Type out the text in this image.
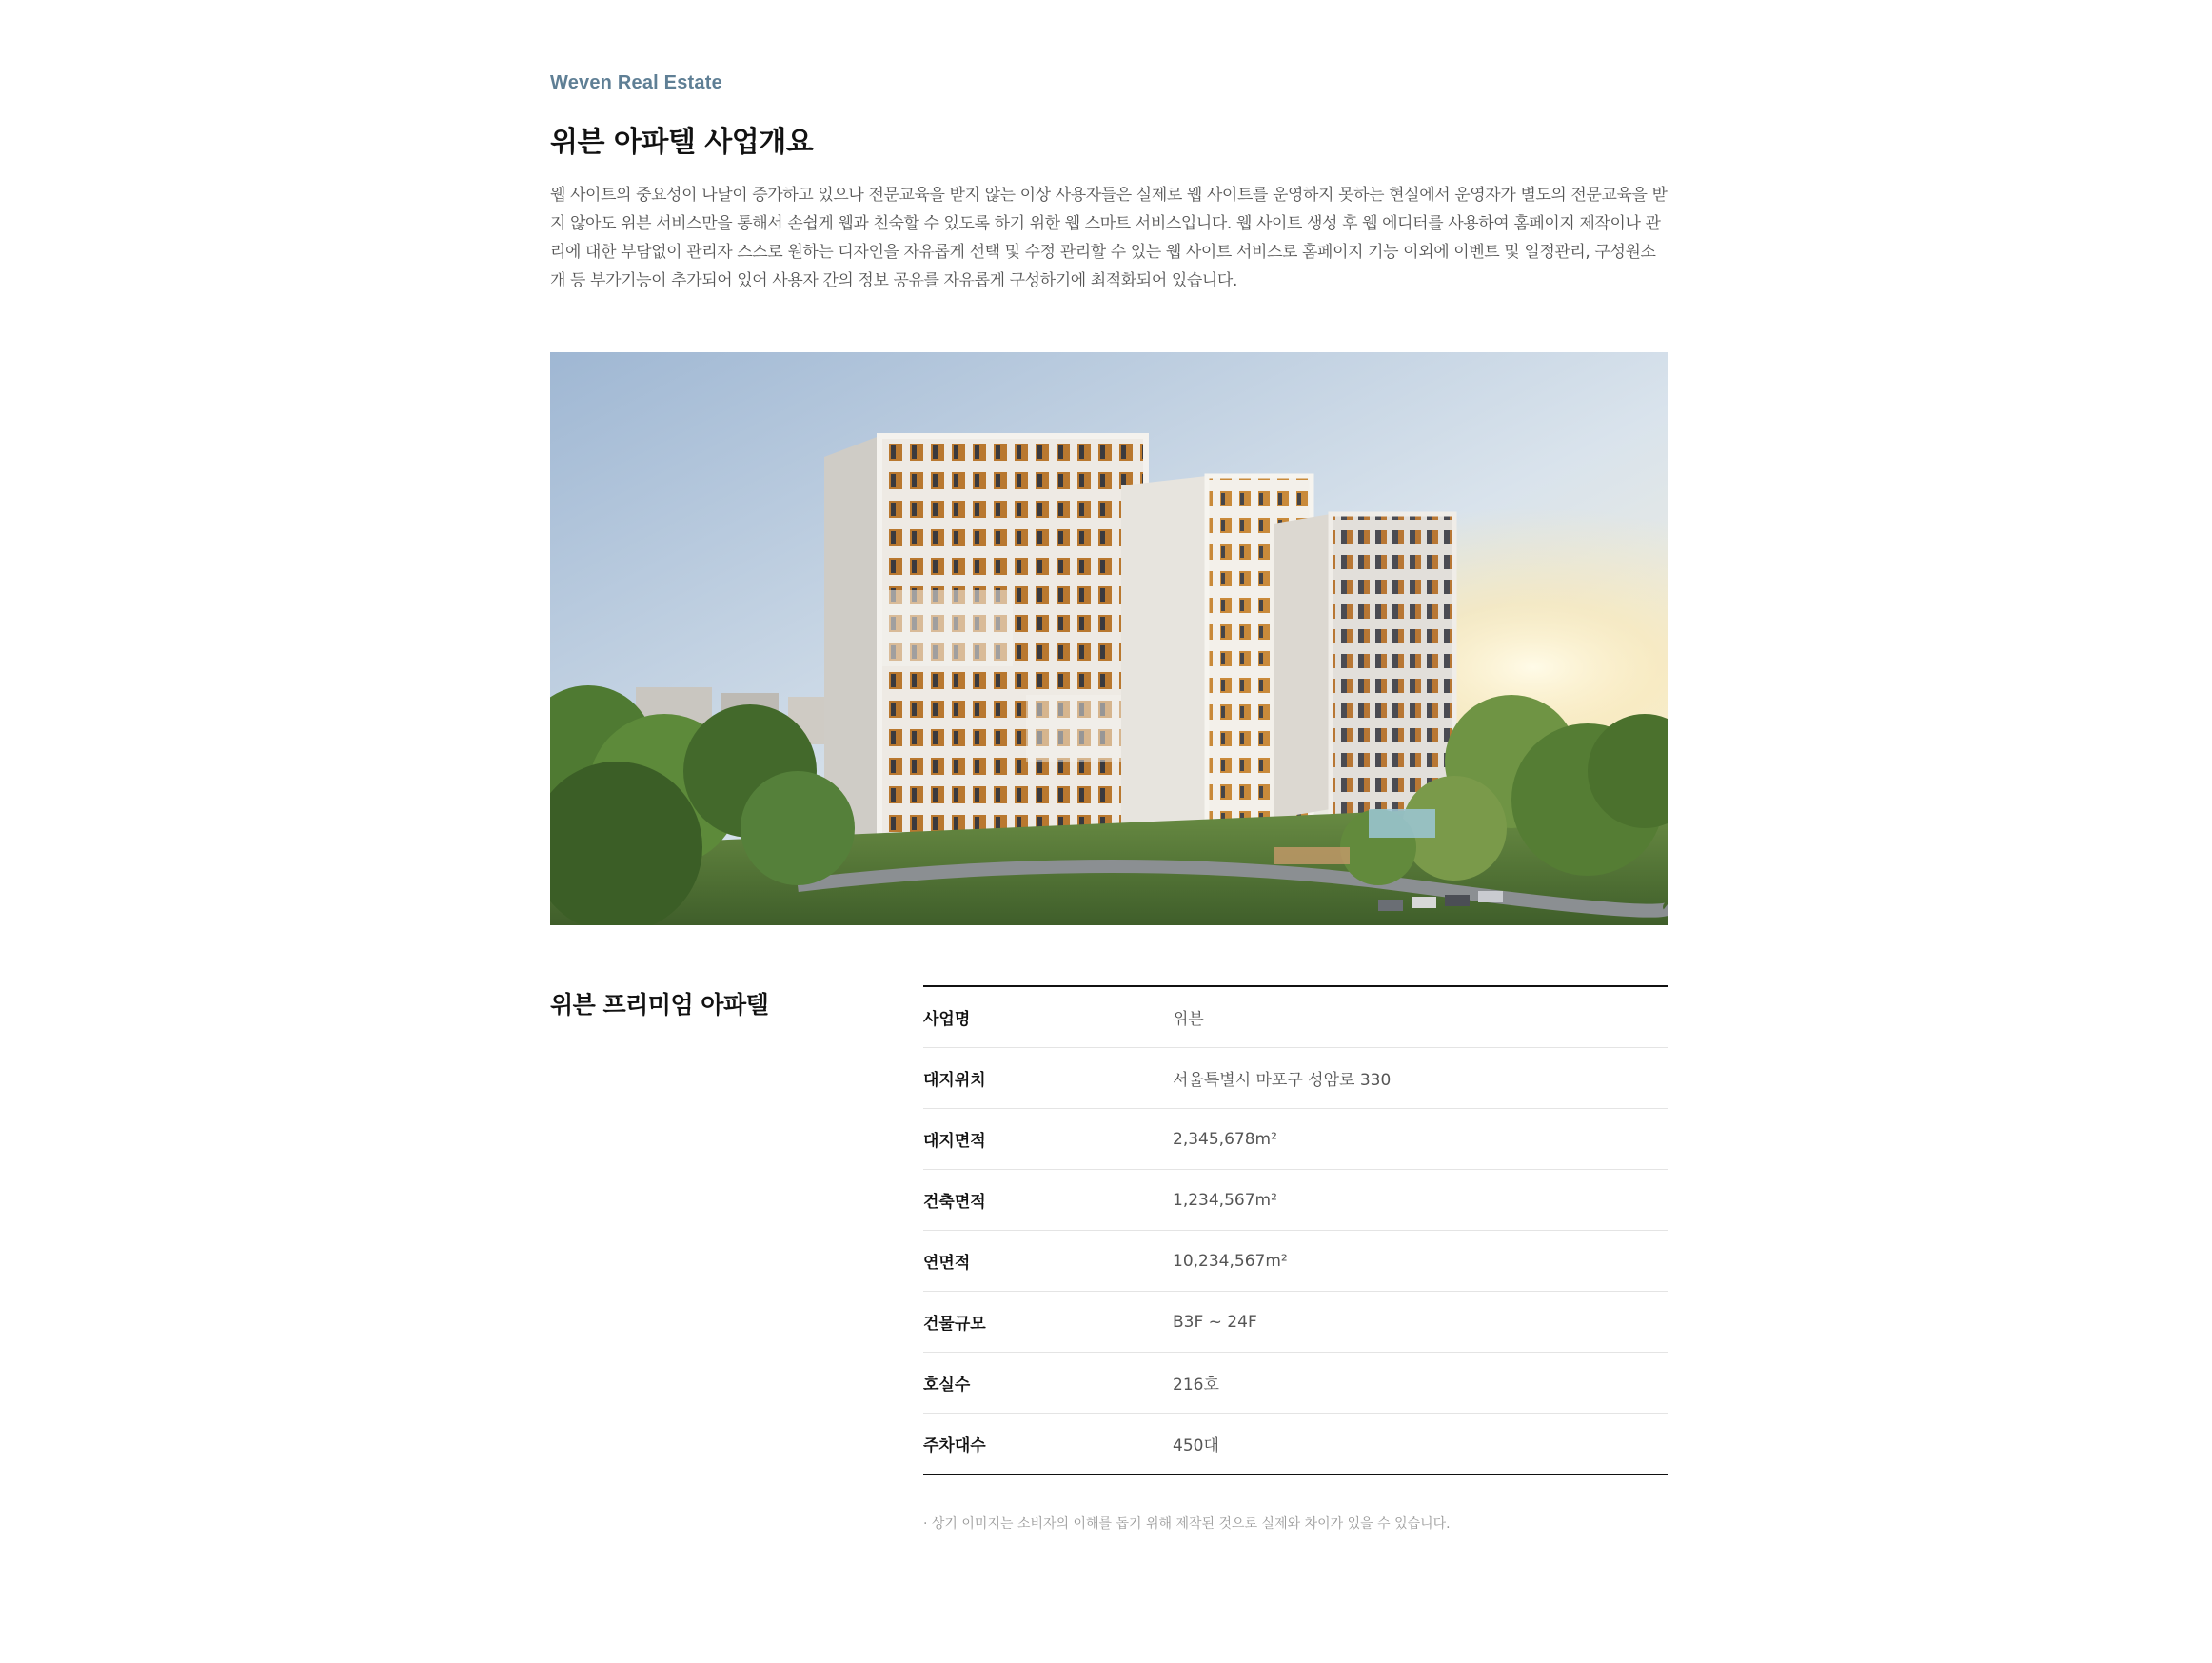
Weven Real Estate
위븐 아파텔 사업개요

웹 사이트의 중요성이 나날이 증가하고 있으나 전문교육을 받지 않는 이상 사용자들은 실제로 웹 사이트를 운영하지 못하는 현실에서 운영자가 별도의 전문교육을 받지 않아도 위븐 서비스만을 통해서 손쉽게 웹과 친숙할 수 있도록 하기 위한 웹 스마트 서비스입니다. 웹 사이트 생성 후 웹 에디터를 사용하여 홈페이지 제작이나 관리에 대한 부담없이 관리자 스스로 원하는 디자인을 자유롭게 선택 및 수정 관리할 수 있는 웹 사이트 서비스로 홈페이지 기능 이외에 이벤트 및 일정관리, 구성원소개 등 부가기능이 추가되어 있어 사용자 간의 정보 공유를 자유롭게 구성하기에 최적화되어 있습니다.

위븐 프리미엄 아파텔
사업명	위븐
대지위치	서울특별시 마포구 성암로 330
대지면적	2,345,678m²
건축면적	1,234,567m²
연면적	10,234,567m²
건물규모	B3F ~ 24F
호실수	216호
주차대수	450대

· 상기 이미지는 소비자의 이해를 돕기 위해 제작된 것으로 실제와 차이가 있을 수 있습니다.
